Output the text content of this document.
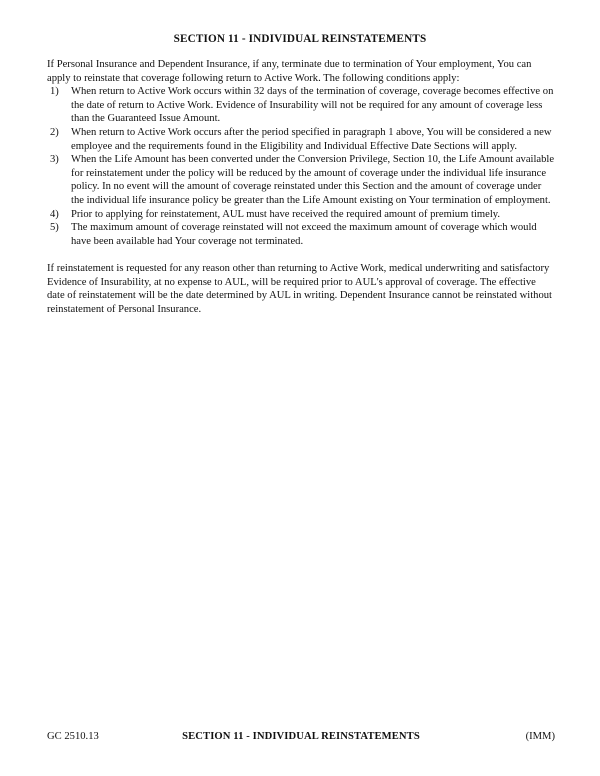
SECTION 11 - INDIVIDUAL REINSTATEMENTS

If Personal Insurance and Dependent Insurance, if any, terminate due to termination of Your employment, You can apply to reinstate that coverage following return to Active Work. The following conditions apply:

1)	When return to Active Work occurs within 32 days of the termination of coverage, coverage becomes effective on the date of return to Active Work. Evidence of Insurability will not be required for any amount of coverage less than the Guaranteed Issue Amount.
2)	When return to Active Work occurs after the period specified in paragraph 1 above, You will be considered a new employee and the requirements found in the Eligibility and Individual Effective Date Sections will apply.
3)	When the Life Amount has been converted under the Conversion Privilege, Section 10, the Life Amount available for reinstatement under the policy will be reduced by the amount of coverage under the individual life insurance policy. In no event will the amount of coverage reinstated under this Section and the amount of coverage under the individual life insurance policy be greater than the Life Amount existing on Your termination of employment.
4)	Prior to applying for reinstatement, AUL must have received the required amount of premium timely.
5)	The maximum amount of coverage reinstated will not exceed the maximum amount of coverage which would have been available had Your coverage not terminated.

If reinstatement is requested for any reason other than returning to Active Work, medical underwriting and satisfactory Evidence of Insurability, at no expense to AUL, will be required prior to AUL's approval of coverage. The effective date of reinstatement will be the date determined by AUL in writing. Dependent Insurance cannot be reinstated without reinstatement of Personal Insurance.

GC 2510.13	SECTION 11 - INDIVIDUAL REINSTATEMENTS	(IMM)
